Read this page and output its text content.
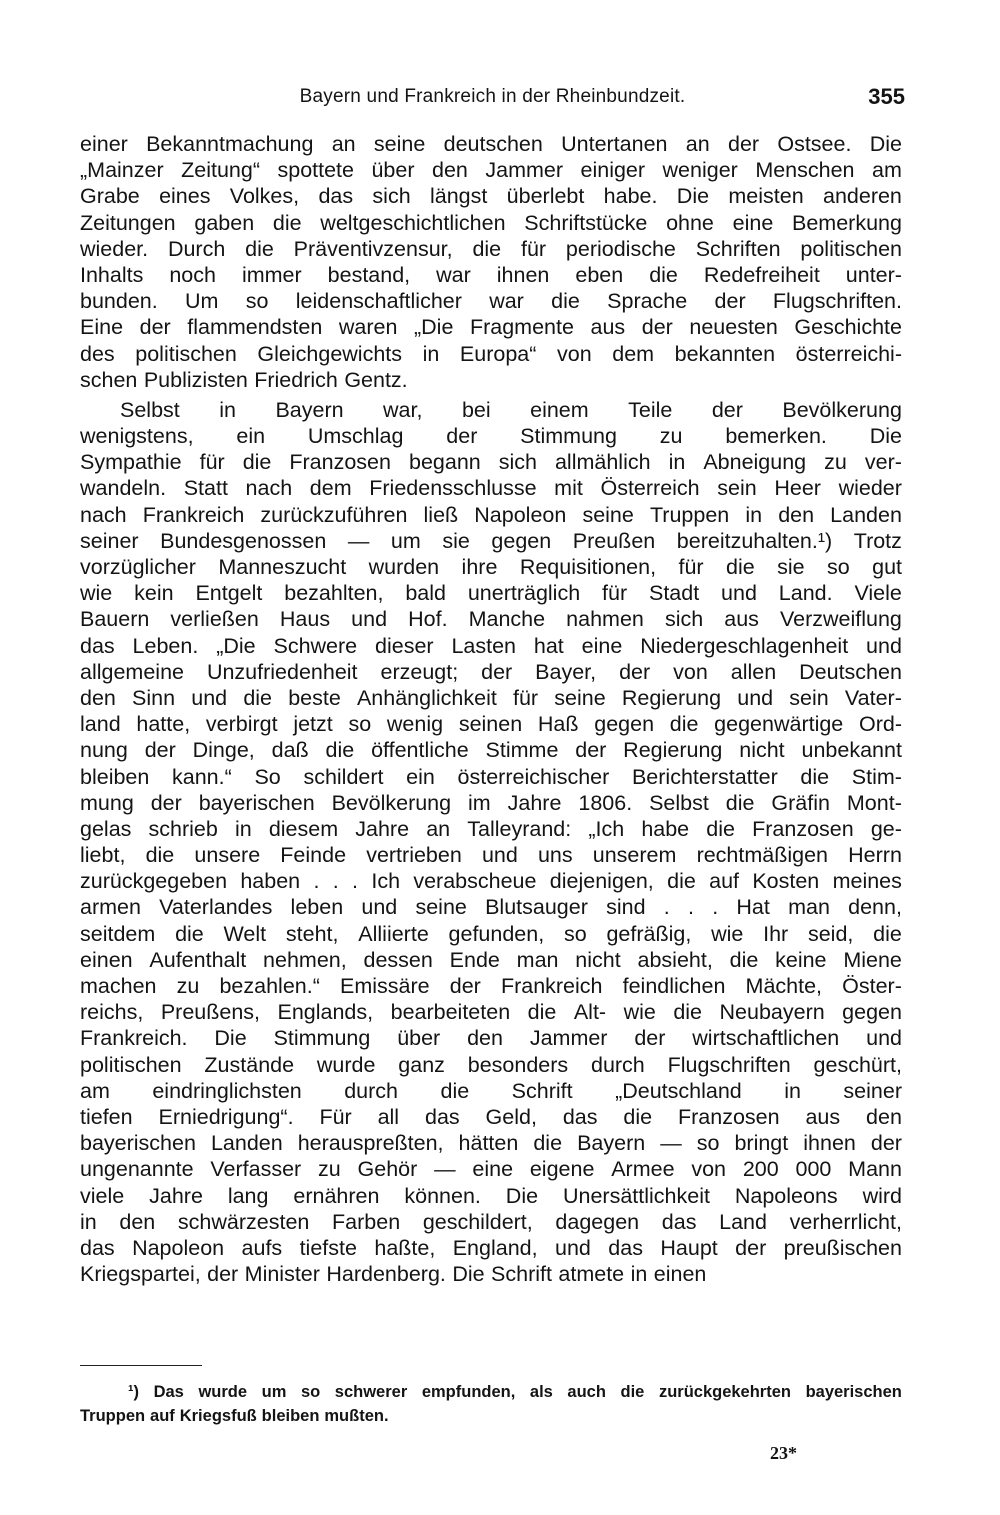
Bayern und Frankreich in der Rheinbundzeit.	355
einer Bekanntmachung an seine deutschen Untertanen an der Ostsee. Die
„Mainzer Zeitung“ spottete über den Jammer einiger weniger Menschen am
Grabe eines Volkes, das sich längst überlebt habe. Die meisten anderen
Zeitungen gaben die weltgeschichtlichen Schriftstücke ohne eine Bemerkung
wieder. Durch die Präventivzensur, die für periodische Schriften politischen
Inhalts noch immer bestand, war ihnen eben die Redefreiheit unter-
bunden. Um so leidenschaftlicher war die Sprache der Flugschriften.
Eine der flammendsten waren „Die Fragmente aus der neuesten Geschichte
des politischen Gleichgewichts in Europa“ von dem bekannten österreichi-
schen Publizisten Friedrich Gentz.
Selbst in Bayern war, bei einem Teile der Bevölkerung
wenigstens, ein Umschlag der Stimmung zu bemerken. Die
Sympathie für die Franzosen begann sich allmählich in Abneigung zu ver-
wandeln. Statt nach dem Friedensschlusse mit Österreich sein Heer wieder
nach Frankreich zurückzuführen ließ Napoleon seine Truppen in den Landen
seiner Bundesgenossen — um sie gegen Preußen bereitzuhalten.¹) Trotz
vorzüglicher Manneszucht wurden ihre Requisitionen, für die sie so gut
wie kein Entgelt bezahlten, bald unerträglich für Stadt und Land. Viele
Bauern verließen Haus und Hof. Manche nahmen sich aus Verzweiflung
das Leben. „Die Schwere dieser Lasten hat eine Niedergeschlagenheit und
allgemeine Unzufriedenheit erzeugt; der Bayer, der von allen Deutschen
den Sinn und die beste Anhänglichkeit für seine Regierung und sein Vater-
land hatte, verbirgt jetzt so wenig seinen Haß gegen die gegenwärtige Ord-
nung der Dinge, daß die öffentliche Stimme der Regierung nicht unbekannt
bleiben kann.“ So schildert ein österreichischer Berichterstatter die Stim-
mung der bayerischen Bevölkerung im Jahre 1806. Selbst die Gräfin Mont-
gelas schrieb in diesem Jahre an Talleyrand: „Ich habe die Franzosen ge-
liebt, die unsere Feinde vertrieben und uns unserem rechtmäßigen Herrn
zurückgegeben haben . . . Ich verabscheue diejenigen, die auf Kosten meines
armen Vaterlandes leben und seine Blutsauger sind . . . Hat man denn,
seitdem die Welt steht, Alliierte gefunden, so gefräßig, wie Ihr seid, die
einen Aufenthalt nehmen, dessen Ende man nicht absieht, die keine Miene
machen zu bezahlen.“ Emissäre der Frankreich feindlichen Mächte, Öster-
reichs, Preußens, Englands, bearbeiteten die Alt- wie die Neubayern gegen
Frankreich. Die Stimmung über den Jammer der wirtschaftlichen und
politischen Zustände wurde ganz besonders durch Flugschriften geschürt,
am eindringlichsten durch die Schrift „Deutschland in seiner
tiefen Erniedrigung“. Für all das Geld, das die Franzosen aus den
bayerischen Landen herauspreßten, hätten die Bayern — so bringt ihnen der
ungenannte Verfasser zu Gehör — eine eigene Armee von 200 000 Mann
viele Jahre lang ernähren können. Die Unersättlichkeit Napoleons wird
in den schwärzesten Farben geschildert, dagegen das Land verherrlicht,
das Napoleon aufs tiefste haßte, England, und das Haupt der preußischen
Kriegspartei, der Minister Hardenberg. Die Schrift atmete in einen
¹) Das wurde um so schwerer empfunden, als auch die zurückgekehrten bayerischen
Truppen auf Kriegsfuß bleiben mußten.
23*
